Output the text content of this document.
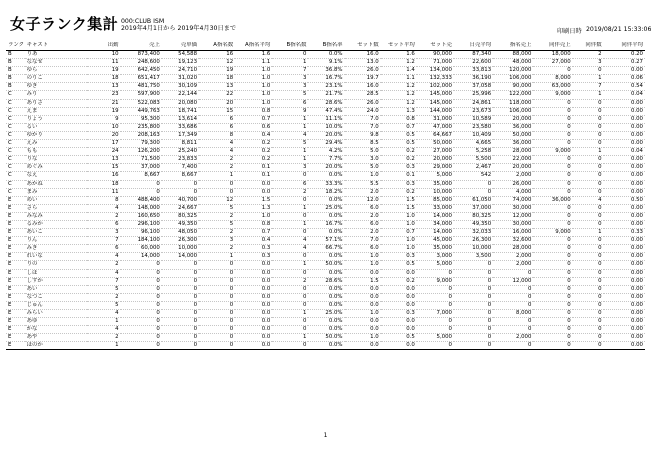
女子ランク集計 000:CLUB ISM
2019年4月1日から 2019年4月30日まで	印刷日時 2019/08/21 15:33:06
ランク	キャスト	出勤	売上	売単価	A指名数	A指名平均	B指名数	B指名率	セット数	セット平均	セット売	日売平均	指名売上	同伴売上	同伴数	同伴平均
B	りあ	10	873,400	54,588	16	1.6	0	0.0%	16.0	1.6	90,000	87,340	88,000	18,000	2	0.20
B	ななせ	11	248,600	19,123	12	1.1	1	9.1%	13.0	1.2	71,000	22,600	48,000	27,000	3	0.27
B	ゆら	19	642,450	24,710	19	1.0	7	36.8%	26.0	1.4	134,000	33,813	120,000	0	0	0.00
B	のりこ	18	651,417	31,020	18	1.0	3	16.7%	19.7	1.1	132,333	36,190	106,000	8,000	1	0.06
B	ゆき	13	481,750	30,109	13	1.0	3	23.1%	16.0	1.2	102,000	37,058	90,000	63,000	7	0.54
C	みり	23	597,900	22,144	22	1.0	5	21.7%	28.5	1.2	145,000	25,996	122,000	9,000	1	0.04
C	ありさ	21	522,083	20,080	20	1.0	6	28.6%	26.0	1.2	145,000	24,861	118,000	0	0	0.00
C	えま	19	449,763	18,741	15	0.8	9	47.4%	24.0	1.3	144,000	23,673	106,000	0	0	0.00
C	りょう	9	95,300	13,614	6	0.7	1	11.1%	7.0	0.8	31,000	10,589	20,000	0	0	0.00
C	るい	10	235,800	33,686	6	0.6	1	10.0%	7.0	0.7	47,000	23,580	36,000	0	0	0.00
C	ゆかり	20	208,163	17,349	8	0.4	4	20.0%	9.8	0.5	64,667	10,409	50,000	0	0	0.00
C	えみ	17	79,300	8,811	4	0.2	5	29.4%	8.5	0.5	50,000	4,665	36,000	0	0	0.00
C	もも	24	126,200	25,240	4	0.2	1	4.2%	5.0	0.2	27,000	5,258	28,000	9,000	1	0.04
C	りな	13	71,500	23,833	2	0.2	1	7.7%	3.0	0.2	20,000	5,500	22,000	0	0	0.00
C	めぐみ	15	37,000	7,400	2	0.1	3	20.0%	5.0	0.3	29,000	2,467	20,000	0	0	0.00
C	なえ	16	8,667	8,667	1	0.1	0	0.0%	1.0	0.1	5,000	542	2,000	0	0	0.00
C	あかね	18	0	0	0	0.0	6	33.3%	5.5	0.3	35,000	0	26,000	0	0	0.00
C	まみ	11	0	0	0	0.0	2	18.2%	2.0	0.2	10,000	0	4,000	0	0	0.00
E	めい	8	488,400	40,700	12	1.5	0	0.0%	12.0	1.5	85,000	61,050	74,000	36,000	4	0.50
E	さら	4	148,000	24,667	5	1.3	1	25.0%	6.0	1.5	33,000	37,000	30,000	0	0	0.00
E	みなみ	2	160,650	80,325	2	1.0	0	0.0%	2.0	1.0	14,000	80,325	12,000	0	0	0.00
E	るみか	6	296,100	49,350	5	0.8	1	16.7%	6.0	1.0	34,000	49,350	30,000	0	0	0.00
E	あいこ	3	96,100	48,050	2	0.7	0	0.0%	2.0	0.7	14,000	32,033	16,000	9,000	1	0.33
E	りん	7	184,100	26,300	3	0.4	4	57.1%	7.0	1.0	45,000	26,300	32,600	0	0	0.00
E	みき	6	60,000	10,000	2	0.3	4	66.7%	6.0	1.0	35,000	10,000	28,000	0	0	0.00
E	れいな	4	14,000	14,000	1	0.3	0	0.0%	1.0	0.3	3,000	3,500	2,000	0	0	0.00
E	りの	2	0	0	0	0.0	1	50.0%	1.0	0.5	5,000	0	2,000	0	0	0.00
E	しほ	4	0	0	0	0.0	0	0.0%	0.0	0.0	0	0	0	0	0	0.00
E	しずか	7	0	0	0	0.0	2	28.6%	1.5	0.2	9,000	0	12,000	0	0	0.00
E	あい	5	0	0	0	0.0	0	0.0%	0.0	0.0	0	0	0	0	0	0.00
E	なつこ	2	0	0	0	0.0	0	0.0%	0.0	0.0	0	0	0	0	0	0.00
E	じゅん	5	0	0	0	0.0	0	0.0%	0.0	0.0	0	0	0	0	0	0.00
E	みらい	4	0	0	0	0.0	1	25.0%	1.0	0.3	7,000	0	8,000	0	0	0.00
E	あゆ	1	0	0	0	0.0	0	0.0%	0.0	0.0	0	0	0	0	0	0.00
E	かな	4	0	0	0	0.0	0	0.0%	0.0	0.0	0	0	0	0	0	0.00
E	あや	2	0	0	0	0.0	1	50.0%	1.0	0.5	5,000	0	2,000	0	0	0.00
E	ほのか	1	0	0	0	0.0	0	0.0%	0.0	0.0	0	0	0	0	0	0.00
1
